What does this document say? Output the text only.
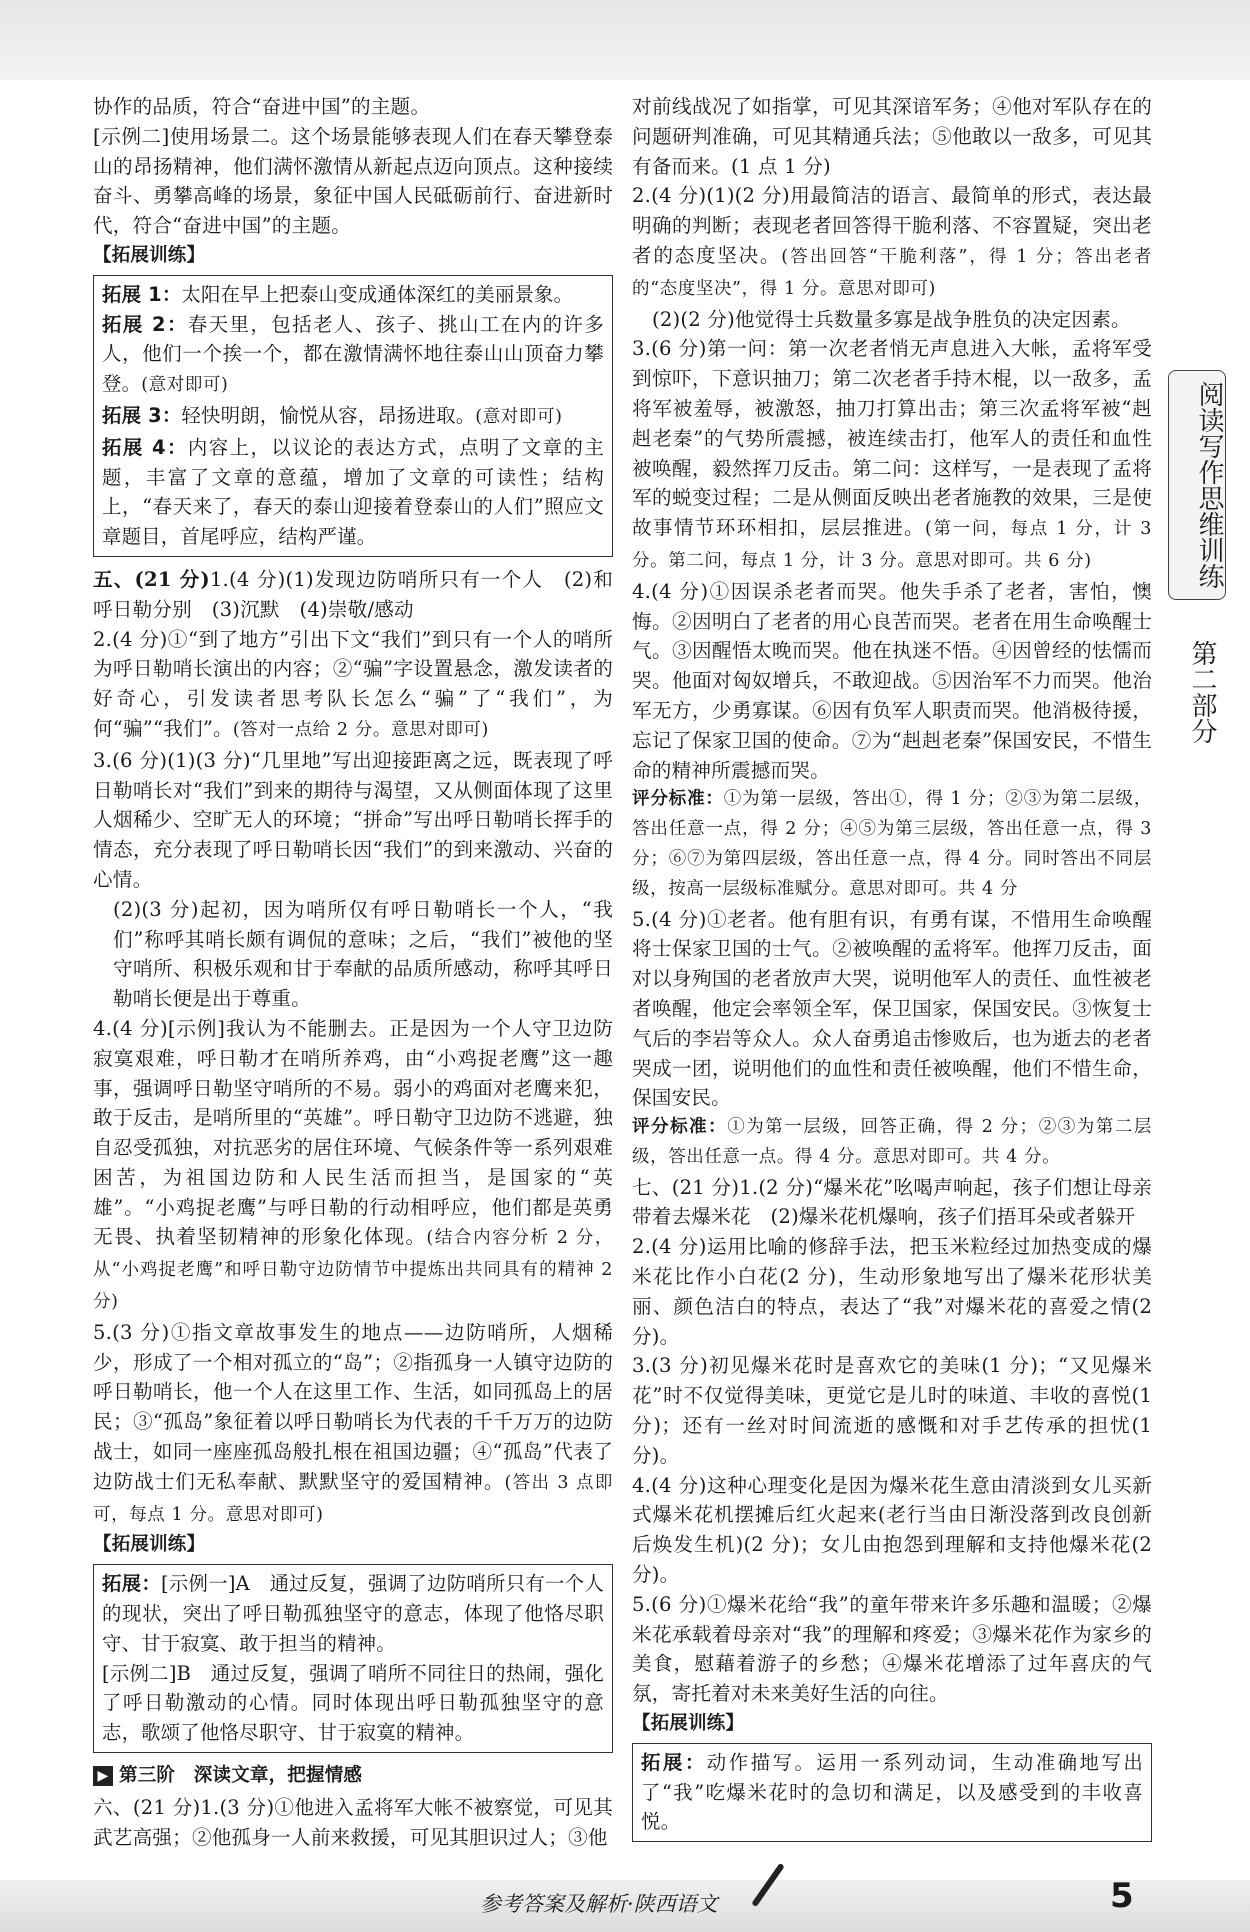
协作的品质，符合“奋进中国”的主题。

[示例二]使用场景二。这个场景能够表现人们在春天攀登泰山的昂扬精神，他们满怀激情从新起点迈向顶点。这种接续奋斗、勇攀高峰的场景，象征中国人民砥砺前行、奋进新时代，符合“奋进中国”的主题。

【拓展训练】

拓展 1：太阳在早上把泰山变成通体深红的美丽景象。

拓展 2：春天里，包括老人、孩子、挑山工在内的许多人，他们一个挨一个，都在激情满怀地往泰山山顶奋力攀登。(意对即可)

拓展 3：轻快明朗，愉悦从容，昂扬进取。(意对即可)

拓展 4：内容上，以议论的表达方式，点明了文章的主题，丰富了文章的意蕴，增加了文章的可读性；结构上，“春天来了，春天的泰山迎接着登泰山的人们”照应文章题目，首尾呼应，结构严谨。

五、(21 分)1.(4 分)(1)发现边防哨所只有一个人　(2)和呼日勒分别　(3)沉默　(4)崇敬/感动

2.(4 分)①“到了地方”引出下文“我们”到只有一个人的哨所为呼日勒哨长演出的内容；②“骗”字设置悬念，激发读者的好奇心，引发读者思考队长怎么“骗”了“我们”，为何“骗”“我们”。(答对一点给 2 分。意思对即可)

3.(6 分)(1)(3 分)“几里地”写出迎接距离之远，既表现了呼日勒哨长对“我们”到来的期待与渴望，又从侧面体现了这里人烟稀少、空旷无人的环境；“拼命”写出呼日勒哨长挥手的情态，充分表现了呼日勒哨长因“我们”的到来激动、兴奋的心情。

(2)(3 分)起初，因为哨所仅有呼日勒哨长一个人，“我们”称呼其哨长颇有调侃的意味；之后，“我们”被他的坚守哨所、积极乐观和甘于奉献的品质所感动，称呼其呼日勒哨长便是出于尊重。

4.(4 分)[示例]我认为不能删去。正是因为一个人守卫边防寂寞艰难，呼日勒才在哨所养鸡，由“小鸡捉老鹰”这一趣事，强调呼日勒坚守哨所的不易。弱小的鸡面对老鹰来犯，敢于反击，是哨所里的“英雄”。呼日勒守卫边防不逃避，独自忍受孤独，对抗恶劣的居住环境、气候条件等一系列艰难困苦，为祖国边防和人民生活而担当，是国家的“英雄”。“小鸡捉老鹰”与呼日勒的行动相呼应，他们都是英勇无畏、执着坚韧精神的形象化体现。(结合内容分析 2 分，从“小鸡捉老鹰”和呼日勒守边防情节中提炼出共同具有的精神 2 分)

5.(3 分)①指文章故事发生的地点——边防哨所，人烟稀少，形成了一个相对孤立的“岛”；②指孤身一人镇守边防的呼日勒哨长，他一个人在这里工作、生活，如同孤岛上的居民；③“孤岛”象征着以呼日勒哨长为代表的千千万万的边防战士，如同一座座孤岛般扎根在祖国边疆；④“孤岛”代表了边防战士们无私奉献、默默坚守的爱国精神。(答出 3 点即可，每点 1 分。意思对即可)

【拓展训练】

拓展：[示例一]A　通过反复，强调了边防哨所只有一个人的现状，突出了呼日勒孤独坚守的意志，体现了他恪尽职守、甘于寂寞、敢于担当的精神。

[示例二]B　通过反复，强调了哨所不同往日的热闹，强化了呼日勒激动的心情。同时体现出呼日勒孤独坚守的意志，歌颂了他恪尽职守、甘于寂寞的精神。

▶ 第三阶　深读文章，把握情感

六、(21 分)1.(3 分)①他进入孟将军大帐不被察觉，可见其武艺高强；②他孤身一人前来救援，可见其胆识过人；③他

对前线战况了如指掌，可见其深谙军务；④他对军队存在的问题研判准确，可见其精通兵法；⑤他敢以一敌多，可见其有备而来。(1 点 1 分)

2.(4 分)(1)(2 分)用最简洁的语言、最简单的形式，表达最明确的判断；表现老者回答得干脆利落、不容置疑，突出老者的态度坚决。(答出回答“干脆利落”，得 1 分；答出老者的“态度坚决”，得 1 分。意思对即可)

(2)(2 分)他觉得士兵数量多寡是战争胜负的决定因素。

3.(6 分)第一问：第一次老者悄无声息进入大帐，孟将军受到惊吓，下意识抽刀；第二次老者手持木棍，以一敌多，孟将军被羞辱，被激怒，抽刀打算出击；第三次孟将军被“赳赳老秦”的气势所震撼，被连续击打，他军人的责任和血性被唤醒，毅然挥刀反击。第二问：这样写，一是表现了孟将军的蜕变过程；二是从侧面反映出老者施教的效果，三是使故事情节环环相扣，层层推进。(第一问，每点 1 分，计 3 分。第二问，每点 1 分，计 3 分。意思对即可。共 6 分)

4.(4 分)①因误杀老者而哭。他失手杀了老者，害怕，懊悔。②因明白了老者的用心良苦而哭。老者在用生命唤醒士气。③因醒悟太晚而哭。他在执迷不悟。④因曾经的怯懦而哭。他面对匈奴增兵，不敢迎战。⑤因治军不力而哭。他治军无方，少勇寡谋。⑥因有负军人职责而哭。他消极待援，忘记了保家卫国的使命。⑦为“赳赳老秦”保国安民，不惜生命的精神所震撼而哭。

评分标准：①为第一层级，答出①，得 1 分；②③为第二层级，答出任意一点，得 2 分；④⑤为第三层级，答出任意一点，得 3 分；⑥⑦为第四层级，答出任意一点，得 4 分。同时答出不同层级，按高一层级标准赋分。意思对即可。共 4 分

5.(4 分)①老者。他有胆有识，有勇有谋，不惜用生命唤醒将士保家卫国的士气。②被唤醒的孟将军。他挥刀反击，面对以身殉国的老者放声大哭，说明他军人的责任、血性被老者唤醒，他定会率领全军，保卫国家，保国安民。③恢复士气后的李岩等众人。众人奋勇追击惨败后，也为逝去的老者哭成一团，说明他们的血性和责任被唤醒，他们不惜生命，保国安民。

评分标准：①为第一层级，回答正确，得 2 分；②③为第二层级，答出任意一点。得 4 分。意思对即可。共 4 分。

七、(21 分)1.(2 分)“爆米花”吆喝声响起，孩子们想让母亲带着去爆米花　(2)爆米花机爆响，孩子们捂耳朵或者躲开

2.(4 分)运用比喻的修辞手法，把玉米粒经过加热变成的爆米花比作小白花(2 分)，生动形象地写出了爆米花形状美丽、颜色洁白的特点，表达了“我”对爆米花的喜爱之情(2 分)。

3.(3 分)初见爆米花时是喜欢它的美味(1 分)；“又见爆米花”时不仅觉得美味，更觉它是儿时的味道、丰收的喜悦(1 分)；还有一丝对时间流逝的感慨和对手艺传承的担忧(1 分)。

4.(4 分)这种心理变化是因为爆米花生意由清淡到女儿买新式爆米花机摆摊后红火起来(老行当由日渐没落到改良创新后焕发生机)(2 分)；女儿由抱怨到理解和支持他爆米花(2 分)。

5.(6 分)①爆米花给“我”的童年带来许多乐趣和温暖；②爆米花承载着母亲对“我”的理解和疼爱；③爆米花作为家乡的美食，慰藉着游子的乡愁；④爆米花增添了过年喜庆的气氛，寄托着对未来美好生活的向往。

【拓展训练】

拓展：动作描写。运用一系列动词，生动准确地写出了“我”吃爆米花时的急切和满足，以及感受到的丰收喜悦。

阅读写作思维训练
第二部分
参考答案及解析·陕西语文	5
